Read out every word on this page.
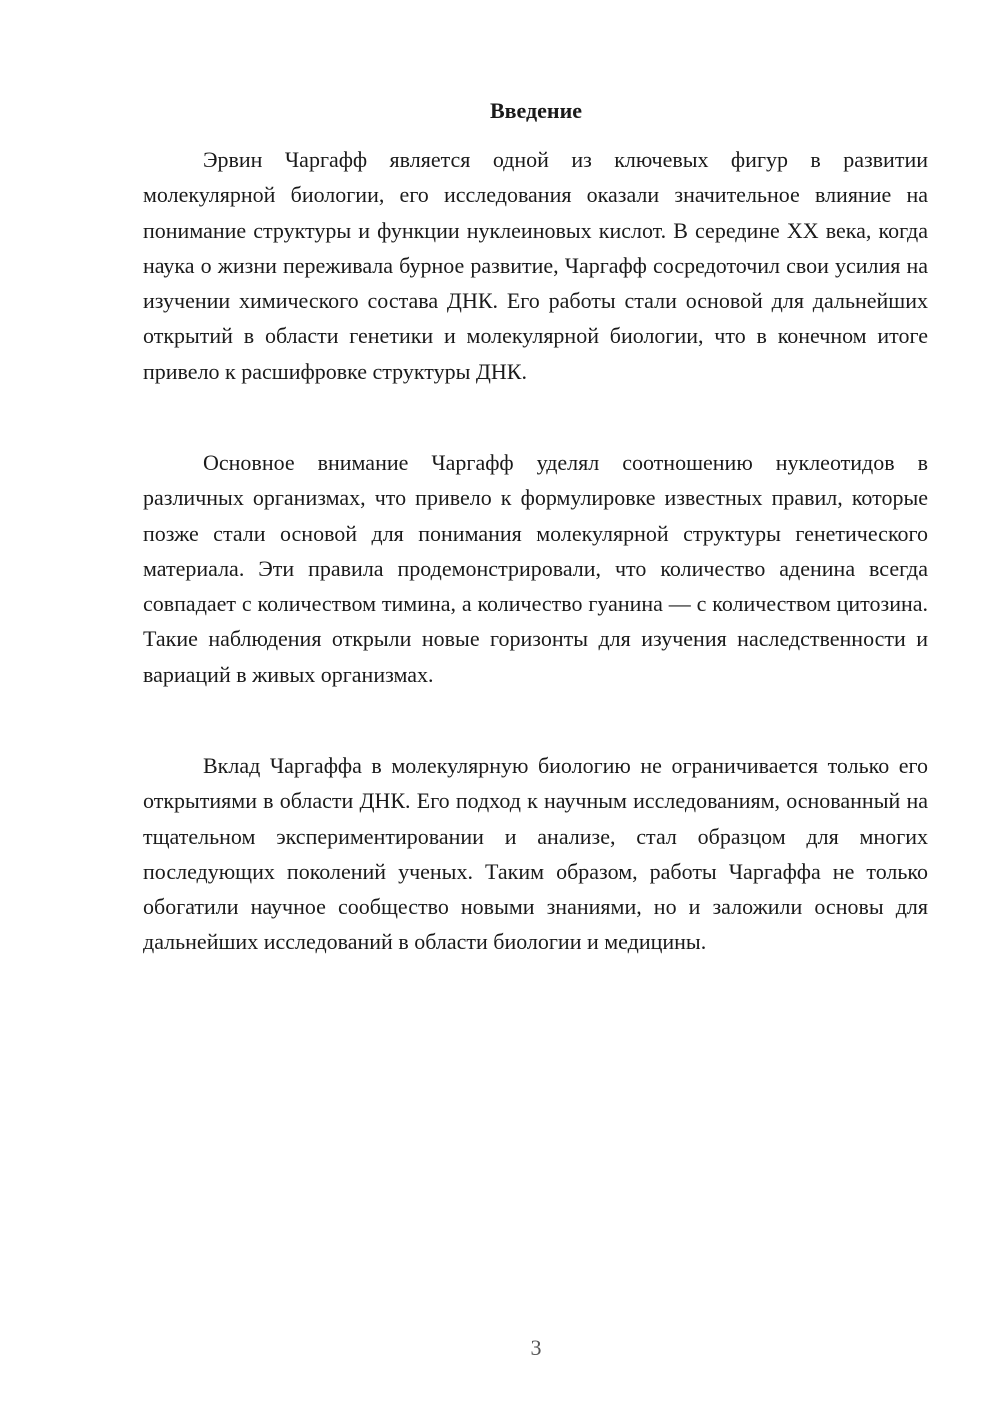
Введение

Эрвин Чаргафф является одной из ключевых фигур в развитии молекулярной биологии, его исследования оказали значительное влияние на понимание структуры и функции нуклеиновых кислот. В середине XX века, когда наука о жизни переживала бурное развитие, Чаргафф сосредоточил свои усилия на изучении химического состава ДНК. Его работы стали основой для дальнейших открытий в области генетики и молекулярной биологии, что в конечном итоге привело к расшифровке структуры ДНК.

Основное внимание Чаргафф уделял соотношению нуклеотидов в различных организмах, что привело к формулировке известных правил, которые позже стали основой для понимания молекулярной структуры генетического материала. Эти правила продемонстрировали, что количество аденина всегда совпадает с количеством тимина, а количество гуанина — с количеством цитозина. Такие наблюдения открыли новые горизонты для изучения наследственности и вариаций в живых организмах.

Вклад Чаргаффа в молекулярную биологию не ограничивается только его открытиями в области ДНК. Его подход к научным исследованиям, основанный на тщательном экспериментировании и анализе, стал образцом для многих последующих поколений ученых. Таким образом, работы Чаргаффа не только обогатили научное сообщество новыми знаниями, но и заложили основы для дальнейших исследований в области биологии и медицины.

3
